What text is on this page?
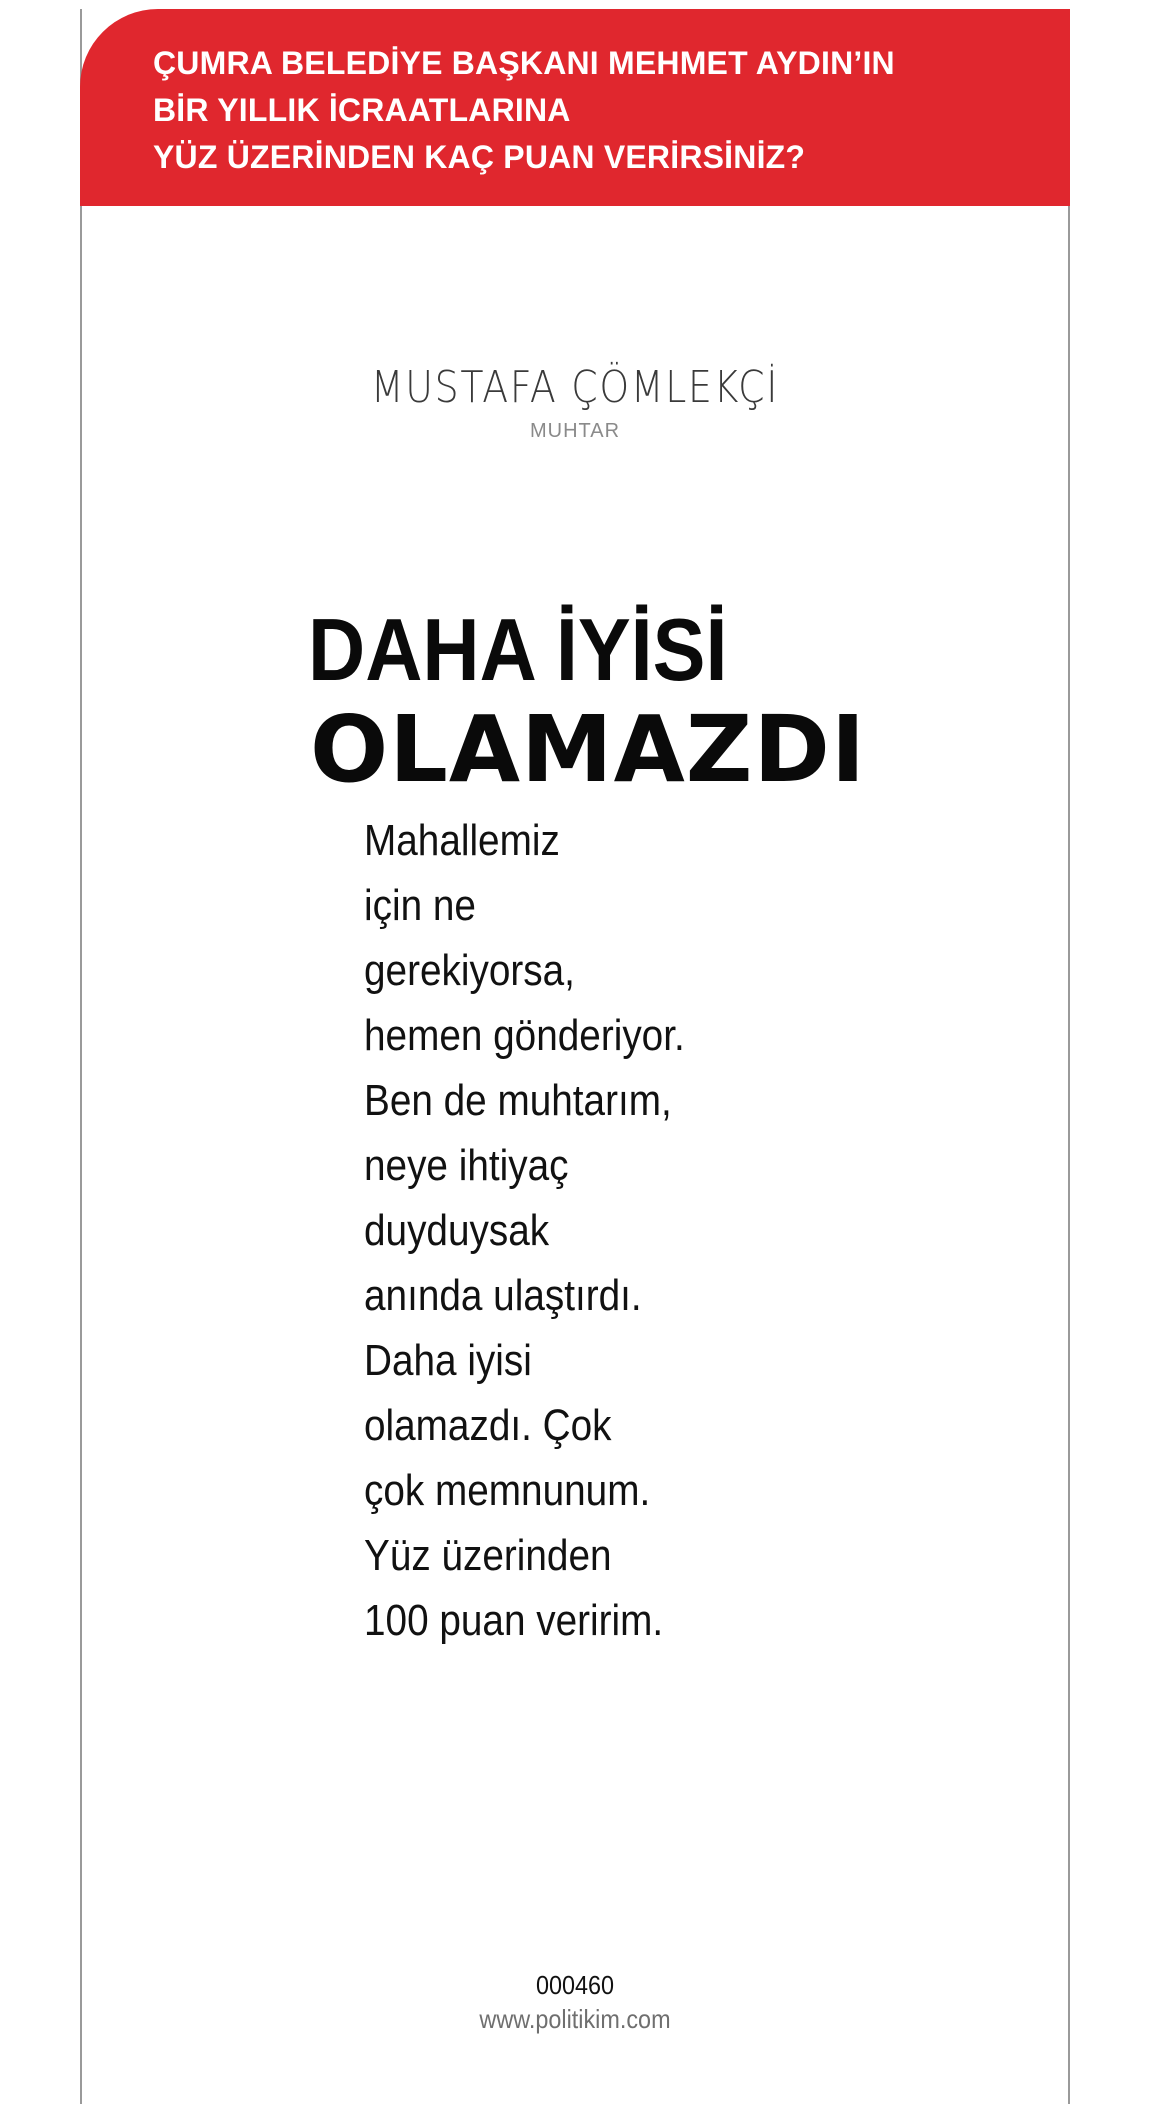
ÇUMRA BELEDİYE BAŞKANI MEHMET AYDIN’IN
BİR YILLIK İCRAATLARINA
YÜZ ÜZERİNDEN KAÇ PUAN VERİRSİNİZ?
MUSTAFA ÇÖMLEKÇİ
MUHTAR
DAHA İYİSİ
OLAMAZDI
Mahallemiz
için ne
gerekiyorsa,
hemen gönderiyor.
Ben de muhtarım,
neye ihtiyaç
duyduysak
anında ulaştırdı.
Daha iyisi
olamazdı. Çok
çok memnunum.
Yüz üzerinden
100 puan veririm.
000460
www.politikim.com
